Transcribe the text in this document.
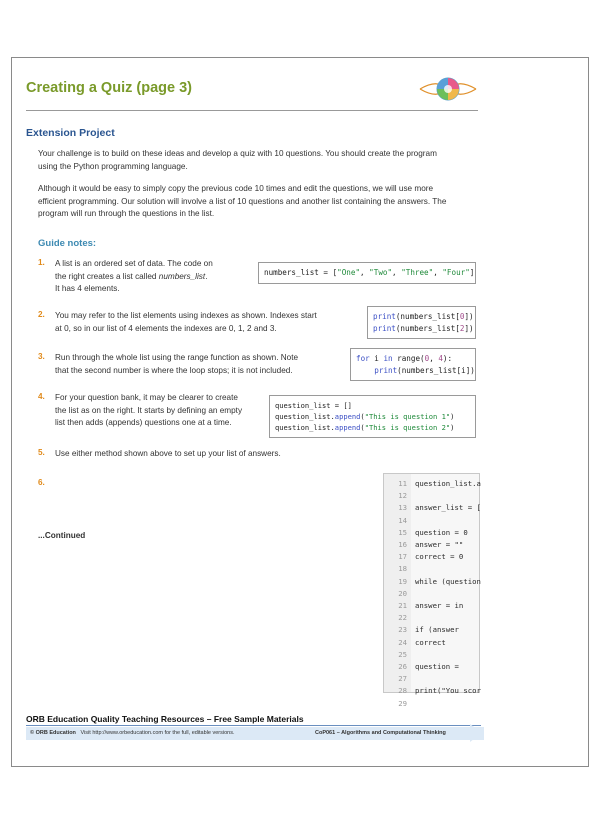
Creating a Quiz (page 3)
Extension Project
Your challenge is to build on these ideas and develop a quiz with 10 questions. You should create the program using the Python programming language.
Although it would be easy to simply copy the previous code 10 times and edit the questions, we will use more efficient programming. Our solution will involve a list of 10 questions and another list containing the answers. The program will run through the questions in the list.
Guide notes:
1. A list is an ordered set of data. The code on
the right creates a list called numbers_list.
It has 4 elements.
numbers_list = ["One", "Two", "Three", "Four"]
2. You may refer to the list elements using indexes as shown. Indexes start
at 0, so in our list of 4 elements the indexes are 0, 1, 2 and 3.
print(numbers_list[0])
print(numbers_list[2])
3. Run through the whole list using the range function as shown. Note
that the second number is where the loop stops; it is not included.
for i in range(0, 4):
print(numbers_list[i])
4. For your question bank, it may be clearer to create
the list as on the right. It starts by defining an empty
list then adds (appends) questions one at a time.
question_list = []
question_list.append("This is question 1")
question_list.append("This is question 2")
5. Use either method shown above to set up your list of answers.
6.
...Continued
11 question_list.a
12
13 answer_list = [
14
15 question = 0
16 answer = ""
17 correct = 0
18
19 while (question
20
21 answer = in
22
23 if (answer
24 correct
25
26 question =
27
28 print("You scor
29
ORB Education Quality Teaching Resources – Free Sample Materials
© ORB Education Visit http://www.orbeducation.com for the full, editable versions.	CoP061 – Algorithms and Computational Thinking
